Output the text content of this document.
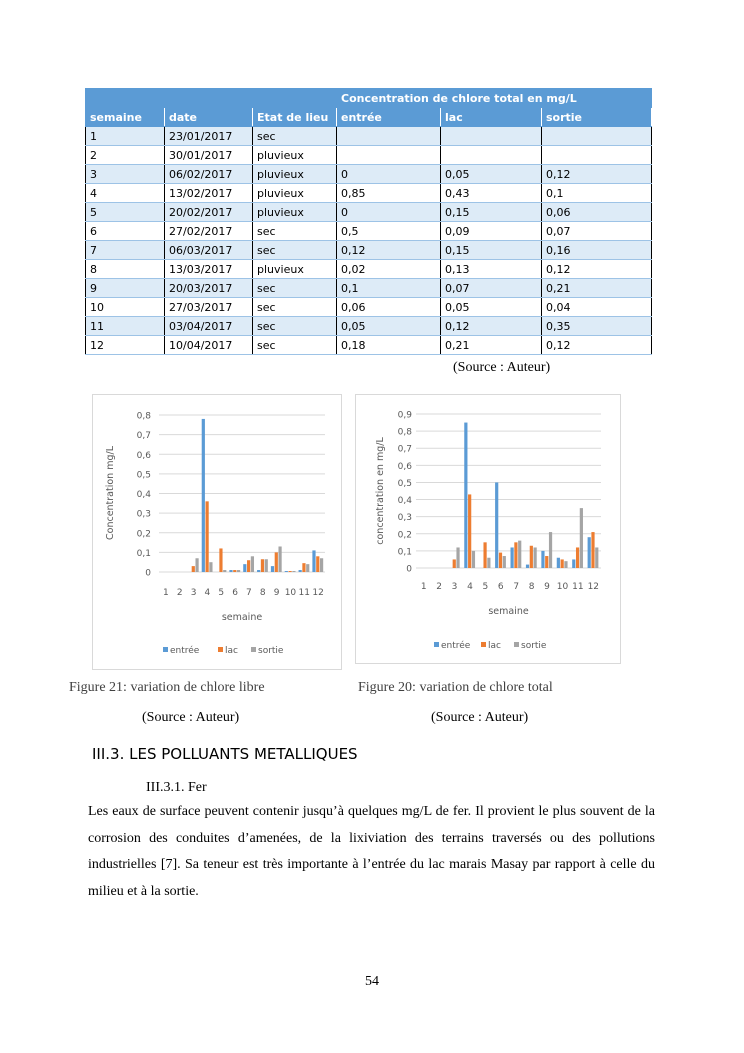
			Concentration de chlore total en mg/L		
semaine	date	Etat de lieu	entrée	lac	sortie
1	23/01/2017	sec			
2	30/01/2017	pluvieux			
3	06/02/2017	pluvieux	0	0,05	0,12
4	13/02/2017	pluvieux	0,85	0,43	0,1
5	20/02/2017	pluvieux	0	0,15	0,06
6	27/02/2017	sec	0,5	0,09	0,07
7	06/03/2017	sec	0,12	0,15	0,16
8	13/03/2017	pluvieux	0,02	0,13	0,12
9	20/03/2017	sec	0,1	0,07	0,21
10	27/03/2017	sec	0,06	0,05	0,04
11	03/04/2017	sec	0,05	0,12	0,35
12	10/04/2017	sec	0,18	0,21	0,12
(Source : Auteur)
0
0,1
0,2
0,3
0,4
0,5
0,6
0,7
0,8
Concentration mg/L
1 2 3 4 5 6 7 8 9 10 11 12
semaine
entrée	lac sortie
0
0,1
0,2
0,3
0,4
0,5
0,6
0,7
0,8
0,9
concentration en mg/L
1 2 3 4 5 6 7 8 9 10 11 12
semaine
entrée lac sortie
Figure 21: variation de chlore libre	Figure 20: variation de chlore total
(Source : Auteur)	(Source : Auteur)
III.3. LES POLLUANTS METALLIQUES
III.3.1. Fer
Les eaux de surface peuvent contenir jusqu’à quelques mg/L de fer. Il provient le plus souvent de la corrosion des conduites d’amenées, de la lixiviation des terrains traversés ou des pollutions industrielles [7]. Sa teneur est très importante à l’entrée du lac marais Masay par rapport à celle du milieu et à la sortie.
54
